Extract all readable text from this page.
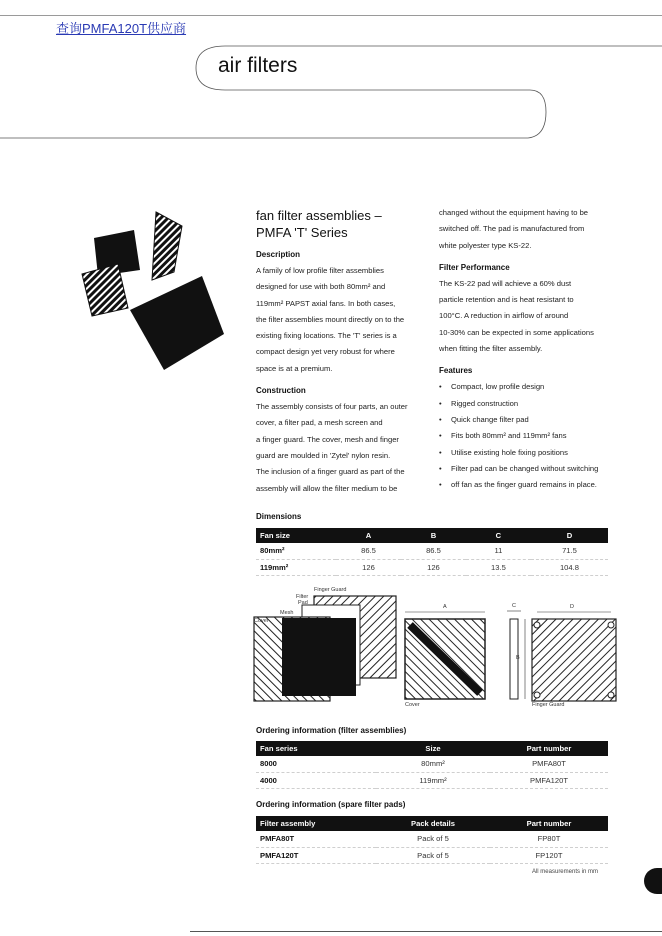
查询PMFA120T供应商
air filters
fan filter assemblies –
PMFA 'T' Series
Description
A family of low profile filter assemblies
designed for use with both 80mm² and
119mm² PAPST axial fans. In both cases,
the filter assemblies mount directly on to the
existing fixing locations. The 'T' series is a
compact design yet very robust for where
space is at a premium.
Construction
The assembly consists of four parts, an outer
cover, a filter pad, a mesh screen and
a finger guard. The cover, mesh and finger
guard are moulded in 'Zytel' nylon resin.
The inclusion of a finger guard as part of the
assembly will allow the filter medium to be
changed without the equipment having to be
switched off. The pad is manufactured from
white polyester type KS-22.
Filter Performance
The KS-22 pad will achieve a 60% dust
particle retention and is heat resistant to
100°C. A reduction in airflow of around
10-30% can be expected in some applications
when fitting the filter assembly.
Features
• Compact, low profile design
• Rigged construction
• Quick change filter pad
• Fits both 80mm² and 119mm² fans
• Utilise existing hole fixing positions
• Filter pad can be changed without switching
• off fan as the finger guard remains in place.
Dimensions
Fan size	A	B	C	D
80mm²	86.5	86.5	11	71.5
119mm²	126	126	13.5	104.8
Finger Guard
Filter
Pad
Mesh
Cover
Cover	Finger Guard
A	C
B
D
Ordering information (filter assemblies)
Fan series	Size	Part number
8000	80mm²	PMFA80T
4000	119mm²	PMFA120T
Ordering information (spare filter pads)
Filter assembly	Pack details	Part number
PMFA80T	Pack of 5	FP80T
PMFA120T	Pack of 5	FP120T
All measurements in mm
